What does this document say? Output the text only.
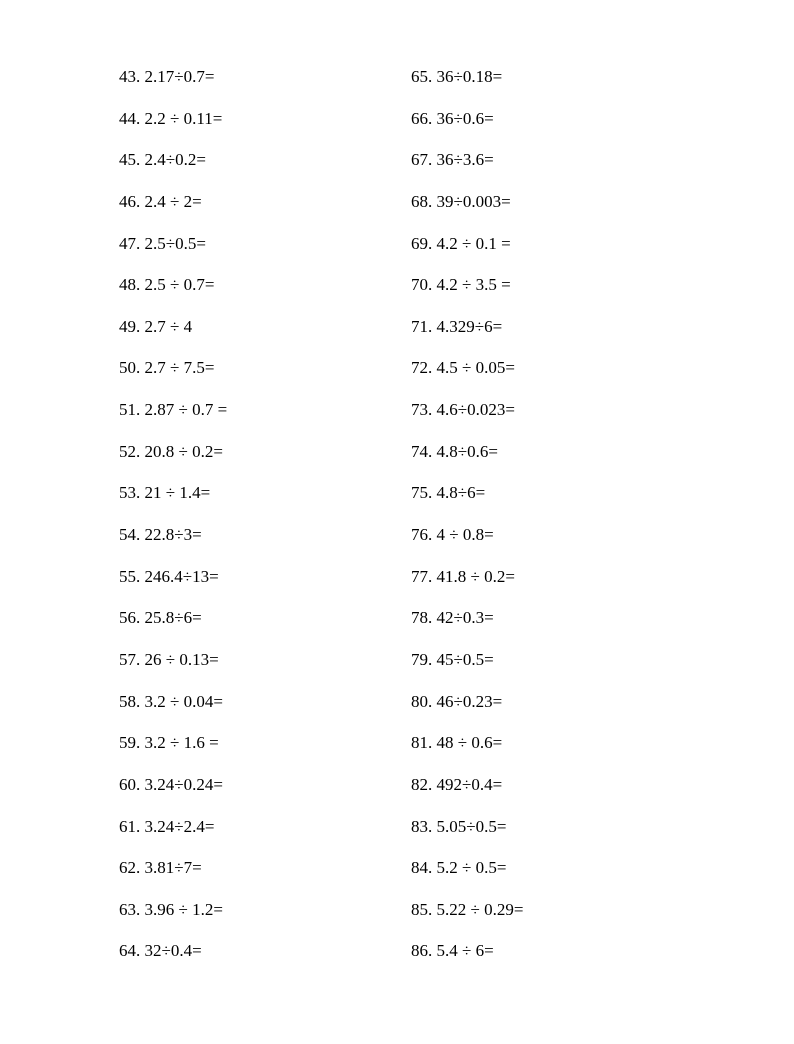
43. 2.17÷0.7=
44. 2.2 ÷ 0.11=
45. 2.4÷0.2=
46. 2.4 ÷ 2=
47. 2.5÷0.5=
48. 2.5 ÷ 0.7=
49. 2.7 ÷ 4
50. 2.7 ÷ 7.5=
51. 2.87 ÷ 0.7 =
52. 20.8 ÷ 0.2=
53. 21 ÷ 1.4=
54. 22.8÷3=
55. 246.4÷13=
56. 25.8÷6=
57. 26 ÷ 0.13=
58. 3.2 ÷ 0.04=
59. 3.2 ÷ 1.6 =
60. 3.24÷0.24=
61. 3.24÷2.4=
62. 3.81÷7=
63. 3.96 ÷ 1.2=
64. 32÷0.4=
65. 36÷0.18=
66. 36÷0.6=
67. 36÷3.6=
68. 39÷0.003=
69. 4.2 ÷ 0.1 =
70. 4.2 ÷ 3.5 =
71. 4.329÷6=
72. 4.5 ÷ 0.05=
73. 4.6÷0.023=
74. 4.8÷0.6=
75. 4.8÷6=
76. 4 ÷ 0.8=
77. 41.8 ÷ 0.2=
78. 42÷0.3=
79. 45÷0.5=
80. 46÷0.23=
81. 48 ÷ 0.6=
82. 492÷0.4=
83. 5.05÷0.5=
84. 5.2 ÷ 0.5=
85. 5.22 ÷ 0.29=
86. 5.4 ÷ 6=
